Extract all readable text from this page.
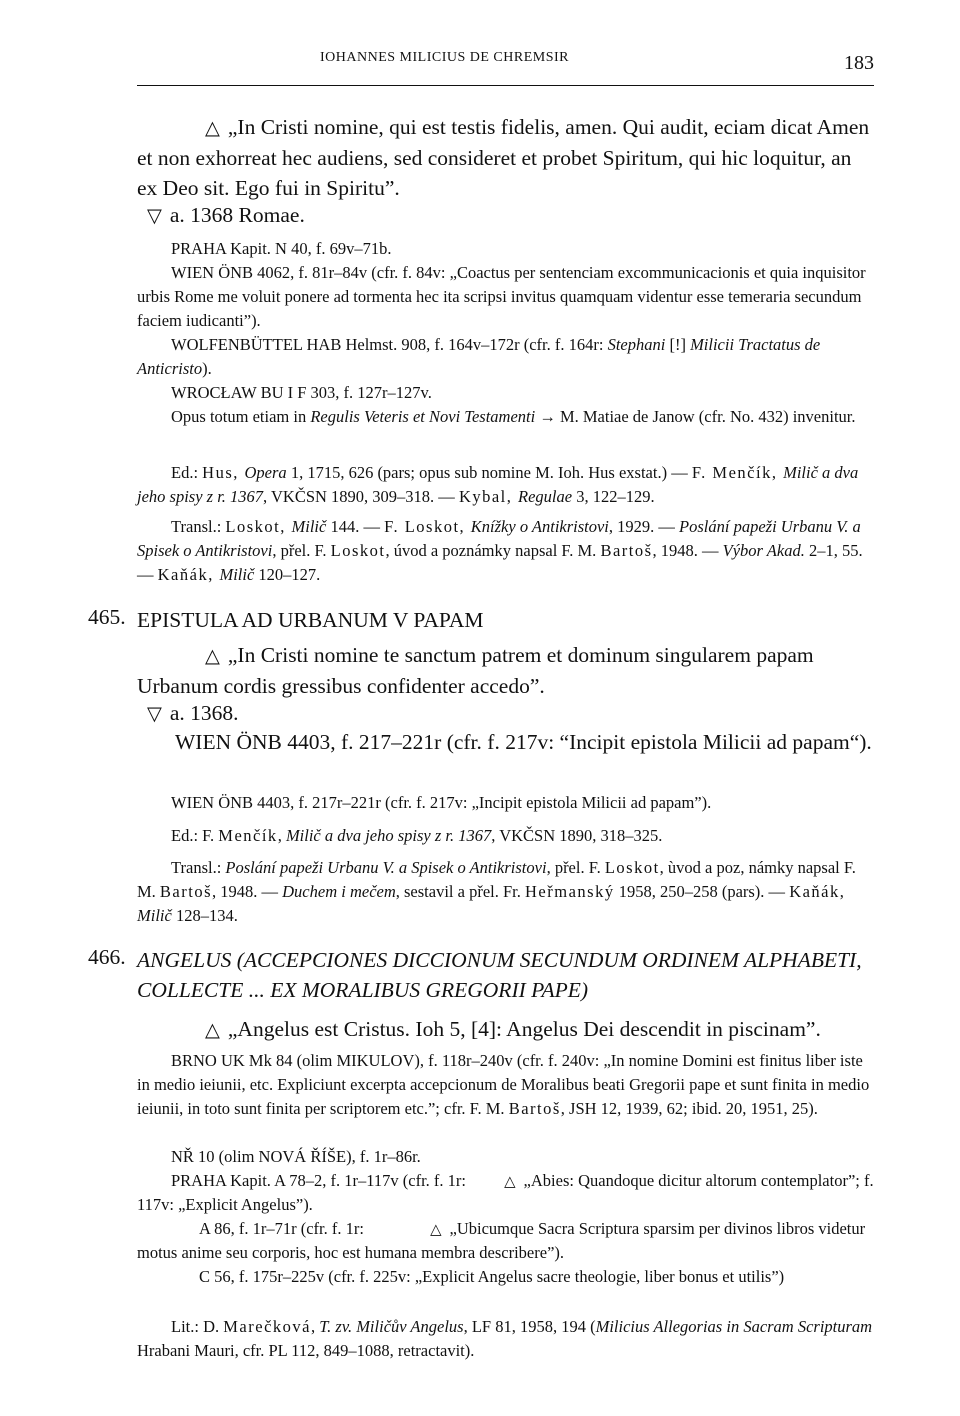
IOHANNES MILICIUS DE CHREMSIR	183

△ „In Cristi nomine, qui est testis fidelis, amen. Qui audit, eciam dicat Amen et non exhorreat hec audiens, sed consideret et probet Spiritum, qui hic loquitur, an ex Deo sit. Ego fui in Spiritu”.

▽ a. 1368 Romae.

PRAHA Kapit. N 40, f. 69v–71b.

WIEN ÖNB 4062, f. 81r–84v (cfr. f. 84v: „Coactus per sentenciam excommunicacionis et quia inquisitor urbis Rome me voluit ponere ad tormenta hec ita scripsi invitus quamquam videntur esse temeraria secundum faciem iudicanti”).

WOLFENBÜTTEL HAB Helmst. 908, f. 164v–172r (cfr. f. 164r: Stephani [!] Milicii Tractatus de Anticristo).

WROCŁAW BU I F 303, f. 127r–127v.

Opus totum etiam in Regulis Veteris et Novi Testamenti → M. Matiae de Janow (cfr. No. 432) invenitur.

Ed.: Hus, Opera 1, 1715, 626 (pars; opus sub nomine M. Ioh. Hus exstat.) — F. Menčík, Milič a dva jeho spisy z r. 1367, VKČSN 1890, 309–318. — Kybal, Regulae 3, 122–129.

Transl.: Loskot, Milič 144. — F. Loskot, Knížky o Antikristovi, 1929. — Poslání papeži Urbanu V. a Spisek o Antikristovi, přel. F. Loskot, úvod a poznámky napsal F. M. Bartoš, 1948. — Výbor Akad. 2–1, 55. — Kaňák, Milič 120–127.

465. EPISTULA AD URBANUM V PAPAM

△ „In Cristi nomine te sanctum patrem et dominum singularem papam Urbanum cordis gressibus confidenter accedo”.

▽ a. 1368.

WIEN ÖNB 4403, f. 217–221r (cfr. f. 217v: “Incipit epistola Milicii ad papam“).

WIEN ÖNB 4403, f. 217r–221r (cfr. f. 217v: „Incipit epistola Milicii ad papam”).

Ed.: F. Menčík, Milič a dva jeho spisy z r. 1367, VKČSN 1890, 318–325.

Transl.: Poslání papeži Urbanu V. a Spisek o Antikristovi, přel. F. Loskot, ùvod a poz, námky napsal F. M. Bartoš, 1948. — Duchem i mečem, sestavil a přel. Fr. Heřmanský 1958, 250–258 (pars). — Kaňák, Milič 128–134.

466. ANGELUS (ACCEPCIONES DICCIONUM SECUNDUM ORDINEM ALPHABETI, COLLECTE ... EX MORALIBUS GREGORII PAPE)

△ „Angelus est Cristus. Ioh 5, [4]: Angelus Dei descendit in piscinam”.

BRNO UK Mk 84 (olim MIKULOV), f. 118r–240v (cfr. f. 240v: „In nomine Domini est finitus liber iste in medio ieiunii, etc. Expliciunt excerpta accepcionum de Moralibus beati Gregorii pape et sunt finita in medio ieiunii, in toto sunt finita per scriptorem etc.”; cfr. F. M. Bartoš, JSH 12, 1939, 62; ibid. 20, 1951, 25).

NŘ 10 (olim NOVÁ ŘÍŠE), f. 1r–86r.

PRAHA Kapit. A 78–2, f. 1r–117v (cfr. f. 1r: △ „Abies: Quandoque dicitur altorum contemplator”; f. 117v: „Explicit Angelus”).

A 86, f. 1r–71r (cfr. f. 1r:	△ „Ubicumque Sacra Scriptura sparsim per divinos libros videtur motus anime seu corporis, hoc est humana membra describere”).

C 56, f. 175r–225v (cfr. f. 225v: „Explicit Angelus sacre theologie, liber bonus et utilis”)

Lit.: D. Marečková, T. zv. Miličův Angelus, LF 81, 1958, 194 (Milicius Allegorias in Sacram Scripturam Hrabani Mauri, cfr. PL 112, 849–1088, retractavit).
